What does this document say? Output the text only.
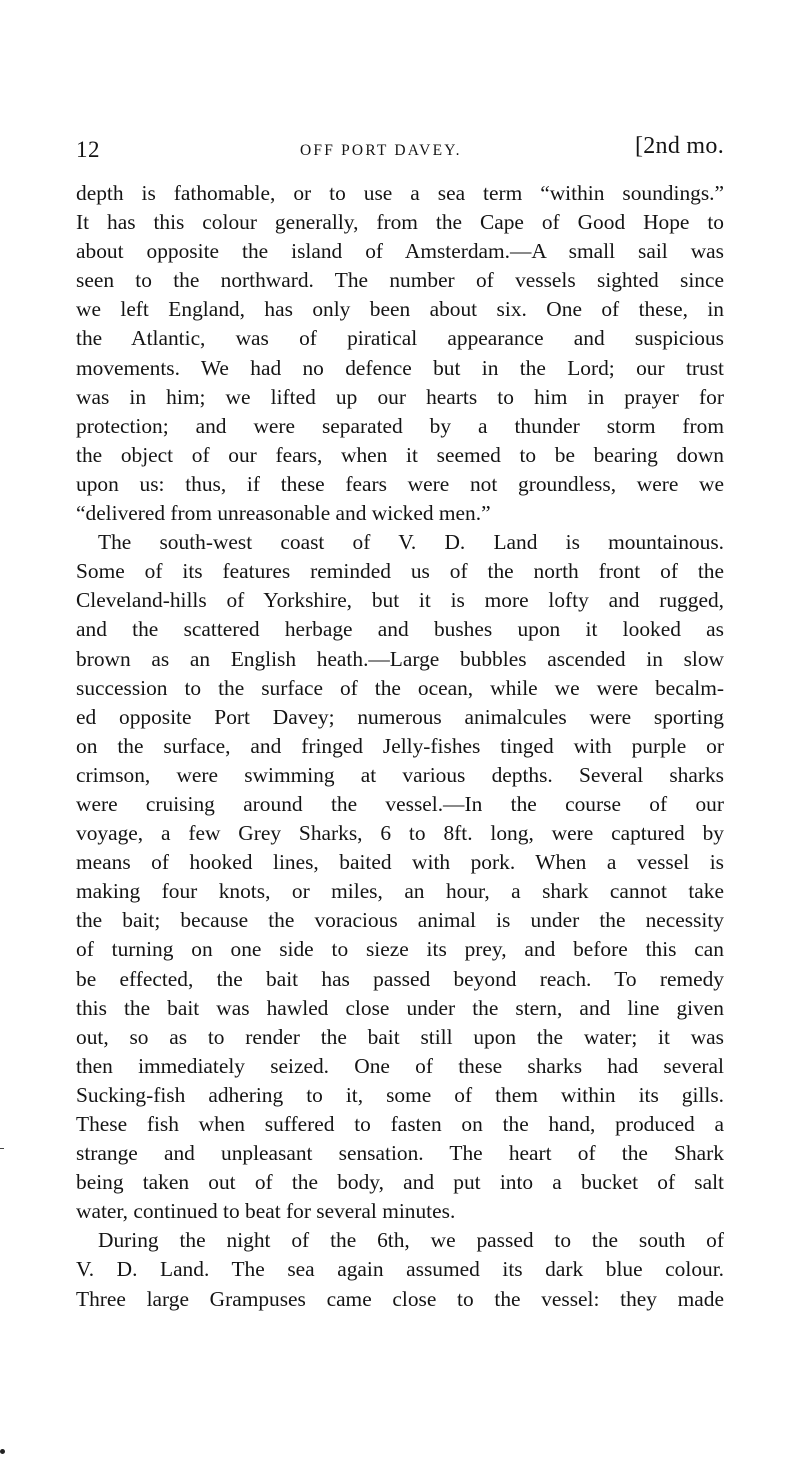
12	OFF PORT DAVEY.	[2nd mo.
depth is fathomable, or to use a sea term “within soundings.”
It has this colour generally, from the Cape of Good Hope to
about opposite the island of Amsterdam.—A small sail was
seen to the northward. The number of vessels sighted since
we left England, has only been about six. One of these, in
the Atlantic, was of piratical appearance and suspicious
movements. We had no defence but in the Lord; our trust
was in him; we lifted up our hearts to him in prayer for
protection; and were separated by a thunder storm from
the object of our fears, when it seemed to be bearing down
upon us: thus, if these fears were not groundless, were we
“delivered from unreasonable and wicked men.”
The south-west coast of V. D. Land is mountainous.
Some of its features reminded us of the north front of the
Cleveland-hills of Yorkshire, but it is more lofty and rugged,
and the scattered herbage and bushes upon it looked as
brown as an English heath.—Large bubbles ascended in slow
succession to the surface of the ocean, while we were becalm-
ed opposite Port Davey; numerous animalcules were sporting
on the surface, and fringed Jelly-fishes tinged with purple or
crimson, were swimming at various depths. Several sharks
were cruising around the vessel.—In the course of our
voyage, a few Grey Sharks, 6 to 8ft. long, were captured by
means of hooked lines, baited with pork. When a vessel is
making four knots, or miles, an hour, a shark cannot take
the bait; because the voracious animal is under the necessity
of turning on one side to sieze its prey, and before this can
be effected, the bait has passed beyond reach. To remedy
this the bait was hawled close under the stern, and line given
out, so as to render the bait still upon the water; it was
then immediately seized. One of these sharks had several
Sucking-fish adhering to it, some of them within its gills.
These fish when suffered to fasten on the hand, produced a
strange and unpleasant sensation. The heart of the Shark
being taken out of the body, and put into a bucket of salt
water, continued to beat for several minutes.
During the night of the 6th, we passed to the south of
V. D. Land. The sea again assumed its dark blue colour.
Three large Grampuses came close to the vessel: they made
